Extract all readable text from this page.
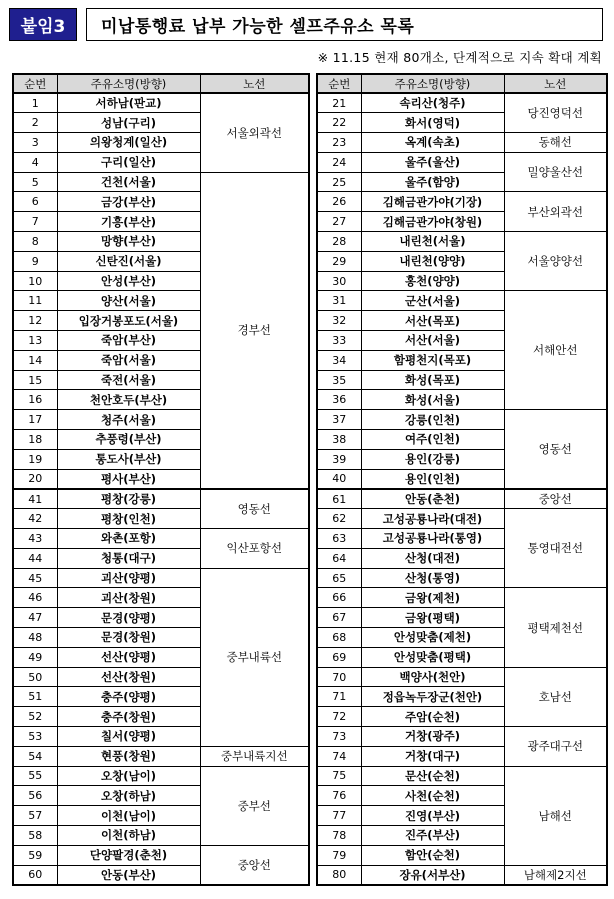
붙임3	미납통행료 납부 가능한 셀프주유소 목록
※ 11.15 현재 80개소, 단계적으로 지속 확대 계획
순번	주유소명(방향)	노선
1	서하남(판교)	서울외곽선
2	성남(구리)	
3	의왕청계(일산)	
4	구리(일산)	
5	건천(서울)	경부선
6	금강(부산)	
7	기흥(부산)	
8	망향(부산)	
9	신탄진(서울)	
10	안성(부산)	
11	양산(서울)	
12	입장거봉포도(서울)	
13	죽암(부산)	
14	죽암(서울)	
15	죽전(서울)	
16	천안호두(부산)	
17	청주(서울)	
18	추풍령(부산)	
19	통도사(부산)	
20	평사(부산)	
41	평창(강릉)	영동선
42	평창(인천)	
43	와촌(포항)	익산포항선
44	청통(대구)	
45	괴산(양평)	중부내륙선
46	괴산(창원)	
47	문경(양평)	
48	문경(창원)	
49	선산(양평)	
50	선산(창원)	
51	충주(양평)	
52	충주(창원)	
53	칠서(양평)	
54	현풍(창원)	중부내륙지선
55	오창(남이)	중부선
56	오창(하남)	
57	이천(남이)	
58	이천(하남)	
59	단양팔경(춘천)	중앙선
60	안동(부산)	
순번	주유소명(방향)	노선
21	속리산(청주)	당진영덕선
22	화서(영덕)	
23	옥계(속초)	동해선
24	울주(울산)	밀양울산선
25	울주(함양)	
26	김해금관가야(기장)	부산외곽선
27	김해금관가야(창원)	
28	내린천(서울)	서울양양선
29	내린천(양양)	
30	홍천(양양)	
31	군산(서울)	서해안선
32	서산(목포)	
33	서산(서울)	
34	함평천지(목포)	
35	화성(목포)	
36	화성(서울)	
37	강릉(인천)	영동선
38	여주(인천)	
39	용인(강릉)	
40	용인(인천)	
61	안동(춘천)	중앙선
62	고성공룡나라(대전)	통영대전선
63	고성공룡나라(통영)	
64	산청(대전)	
65	산청(통영)	
66	금왕(제천)	평택제천선
67	금왕(평택)	
68	안성맞춤(제천)	
69	안성맞춤(평택)	
70	백양사(천안)	호남선
71	정읍녹두장군(천안)	
72	주암(순천)	
73	거창(광주)	광주대구선
74	거창(대구)	
75	문산(순천)	남해선
76	사천(순천)	
77	진영(부산)	
78	진주(부산)	
79	함안(순천)	
80	장유(서부산)	남해제2지선
